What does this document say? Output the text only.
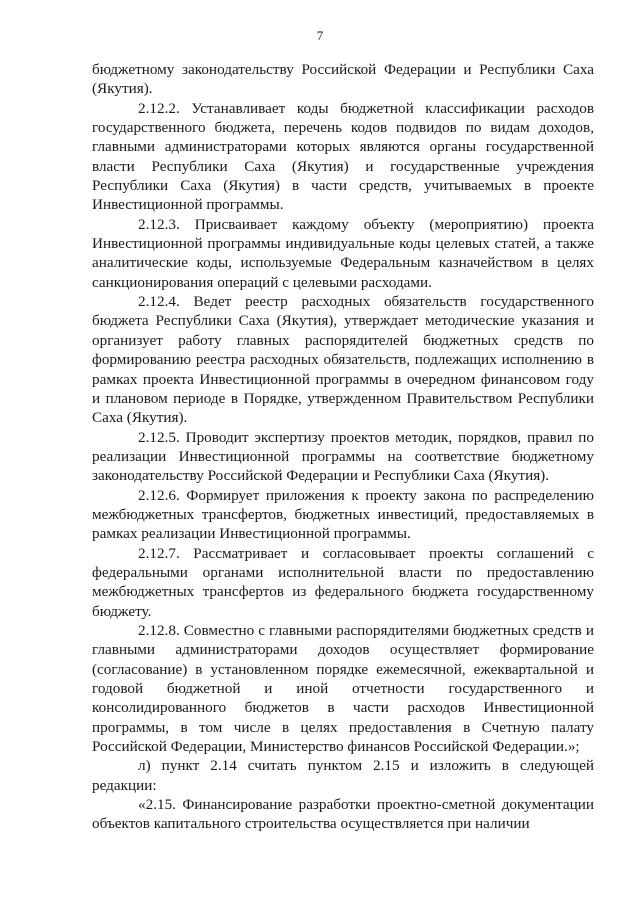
7

бюджетному законодательству Российской Федерации и Республики Саха (Якутия).

2.12.2. Устанавливает коды бюджетной классификации расходов государственного бюджета, перечень кодов подвидов по видам доходов, главными администраторами которых являются органы государственной власти Республики Саха (Якутия) и государственные учреждения Республики Саха (Якутия) в части средств, учитываемых в проекте Инвестиционной программы.

2.12.3. Присваивает каждому объекту (мероприятию) проекта Инвестиционной программы индивидуальные коды целевых статей, а также аналитические коды, используемые Федеральным казначейством в целях санкционирования операций с целевыми расходами.

2.12.4. Ведет реестр расходных обязательств государственного бюджета Республики Саха (Якутия), утверждает методические указания и организует работу главных распорядителей бюджетных средств по формированию реестра расходных обязательств, подлежащих исполнению в рамках проекта Инвестиционной программы в очередном финансовом году и плановом периоде в Порядке, утвержденном Правительством Республики Саха (Якутия).

2.12.5. Проводит экспертизу проектов методик, порядков, правил по реализации Инвестиционной программы на соответствие бюджетному законодательству Российской Федерации и Республики Саха (Якутия).

2.12.6. Формирует приложения к проекту закона по распределению межбюджетных трансфертов, бюджетных инвестиций, предоставляемых в рамках реализации Инвестиционной программы.

2.12.7. Рассматривает и согласовывает проекты соглашений с федеральными органами исполнительной власти по предоставлению межбюджетных трансфертов из федерального бюджета государственному бюджету.

2.12.8. Совместно с главными распорядителями бюджетных средств и главными администраторами доходов осуществляет формирование (согласование) в установленном порядке ежемесячной, ежеквартальной и годовой бюджетной и иной отчетности государственного и консолидированного бюджетов в части расходов Инвестиционной программы, в том числе в целях предоставления в Счетную палату Российской Федерации, Министерство финансов Российской Федерации.»;

л) пункт 2.14 считать пунктом 2.15 и изложить в следующей редакции:

«2.15. Финансирование разработки проектно-сметной документации объектов капитального строительства осуществляется при наличии
